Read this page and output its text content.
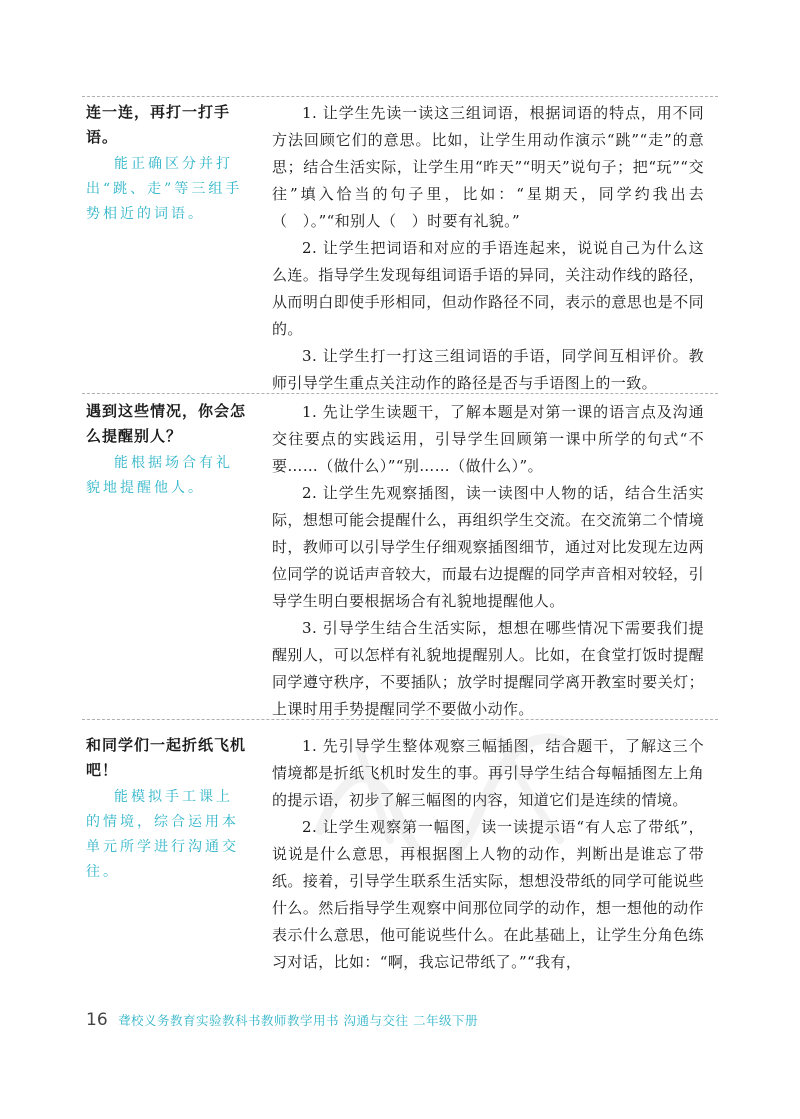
连一连，再打一打手语。

能正确区分并打出“跳、走”等三组手势相近的词语。

1. 让学生先读一读这三组词语，根据词语的特点，用不同方法回顾它们的意思。比如，让学生用动作演示“跳”“走”的意思；结合生活实际，让学生用“昨天”“明天”说句子；把“玩”“交往”填入恰当的句子里，比如：“星期天，同学约我出去（　）。”“和别人（　）时要有礼貌。”

2. 让学生把词语和对应的手语连起来，说说自己为什么这么连。指导学生发现每组词语手语的异同，关注动作线的路径，从而明白即使手形相同，但动作路径不同，表示的意思也是不同的。

3. 让学生打一打这三组词语的手语，同学间互相评价。教师引导学生重点关注动作的路径是否与手语图上的一致。

遇到这些情况，你会怎么提醒别人？

能根据场合有礼貌地提醒他人。

1. 先让学生读题干，了解本题是对第一课的语言点及沟通交往要点的实践运用，引导学生回顾第一课中所学的句式“不要……（做什么）”“别……（做什么）”。

2. 让学生先观察插图，读一读图中人物的话，结合生活实际，想想可能会提醒什么，再组织学生交流。在交流第二个情境时，教师可以引导学生仔细观察插图细节，通过对比发现左边两位同学的说话声音较大，而最右边提醒的同学声音相对较轻，引导学生明白要根据场合有礼貌地提醒他人。

3. 引导学生结合生活实际，想想在哪些情况下需要我们提醒别人，可以怎样有礼貌地提醒别人。比如，在食堂打饭时提醒同学遵守秩序，不要插队；放学时提醒同学离开教室时要关灯；上课时用手势提醒同学不要做小动作。

和同学们一起折纸飞机吧！

能模拟手工课上的情境，综合运用本单元所学进行沟通交往。

1. 先引导学生整体观察三幅插图，结合题干，了解这三个情境都是折纸飞机时发生的事。再引导学生结合每幅插图左上角的提示语，初步了解三幅图的内容，知道它们是连续的情境。

2. 让学生观察第一幅图，读一读提示语“有人忘了带纸”，说说是什么意思，再根据图上人物的动作，判断出是谁忘了带纸。接着，引导学生联系生活实际，想想没带纸的同学可能说些什么。然后指导学生观察中间那位同学的动作，想一想他的动作表示什么意思，他可能说些什么。在此基础上，让学生分角色练习对话，比如：“啊，我忘记带纸了。”“我有，

16 聋校义务教育实验教科书教师教学用书 沟通与交往 二年级下册
